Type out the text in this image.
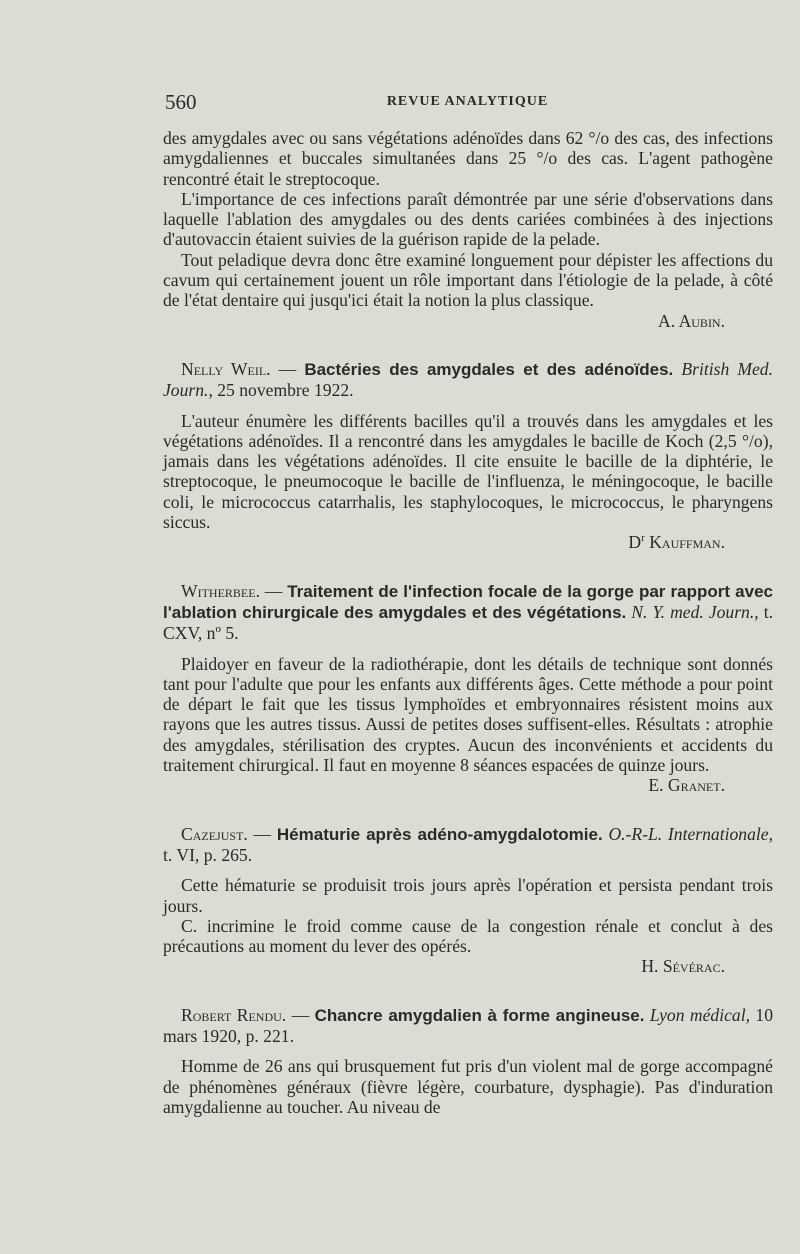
560	REVUE ANALYTIQUE

des amygdales avec ou sans végétations adénoïdes dans 62 °/o des cas, des infections amygdaliennes et buccales simultanées dans 25 °/o des cas. L'agent pathogène rencontré était le streptocoque.

L'importance de ces infections paraît démontrée par une série d'observations dans laquelle l'ablation des amygdales ou des dents cariées combinées à des injections d'autovaccin étaient suivies de la guérison rapide de la pelade.

Tout peladique devra donc être examiné longuement pour dépister les affections du cavum qui certainement jouent un rôle important dans l'étiologie de la pelade, à côté de l'état dentaire qui jusqu'ici était la notion la plus classique.

A. Aubin.

Nelly Weil. — Bactéries des amygdales et des adénoïdes. British Med. Journ., 25 novembre 1922.

L'auteur énumère les différents bacilles qu'il a trouvés dans les amygdales et les végétations adénoïdes. Il a rencontré dans les amygdales le bacille de Koch (2,5 °/o), jamais dans les végétations adénoïdes. Il cite ensuite le bacille de la diphtérie, le streptocoque, le pneumocoque le bacille de l'influenza, le méningocoque, le bacille coli, le micrococcus catarrhalis, les staphylocoques, le micrococcus, le pharyngens siccus.

$D^r$ Kauffman.

Witherbee. — Traitement de l'infection focale de la gorge par rapport avec l'ablation chirurgicale des amygdales et des végétations. N. Y. med. Journ., t. CXV, nº 5.

Plaidoyer en faveur de la radiothérapie, dont les détails de technique sont donnés tant pour l'adulte que pour les enfants aux différents âges. Cette méthode a pour point de départ le fait que les tissus lymphoïdes et embryonnaires résistent moins aux rayons que les autres tissus. Aussi de petites doses suffisent-elles. Résultats : atrophie des amygdales, stérilisation des cryptes. Aucun des inconvénients et accidents du traitement chirurgical. Il faut en moyenne 8 séances espacées de quinze jours.

E. Granet.

Cazejust. — Hématurie après adéno-amygdalotomie. O.-R-L. Internationale, t. VI, p. 265.

Cette hématurie se produisit trois jours après l'opération et persista pendant trois jours.

C. incrimine le froid comme cause de la congestion rénale et conclut à des précautions au moment du lever des opérés.

H. Sévérac.

Robert Rendu. — Chancre amygdalien à forme angineuse. Lyon médical, 10 mars 1920, p. 221.

Homme de 26 ans qui brusquement fut pris d'un violent mal de gorge accompagné de phénomènes généraux (fièvre légère, courbature, dysphagie). Pas d'induration amygdalienne au toucher. Au niveau de
